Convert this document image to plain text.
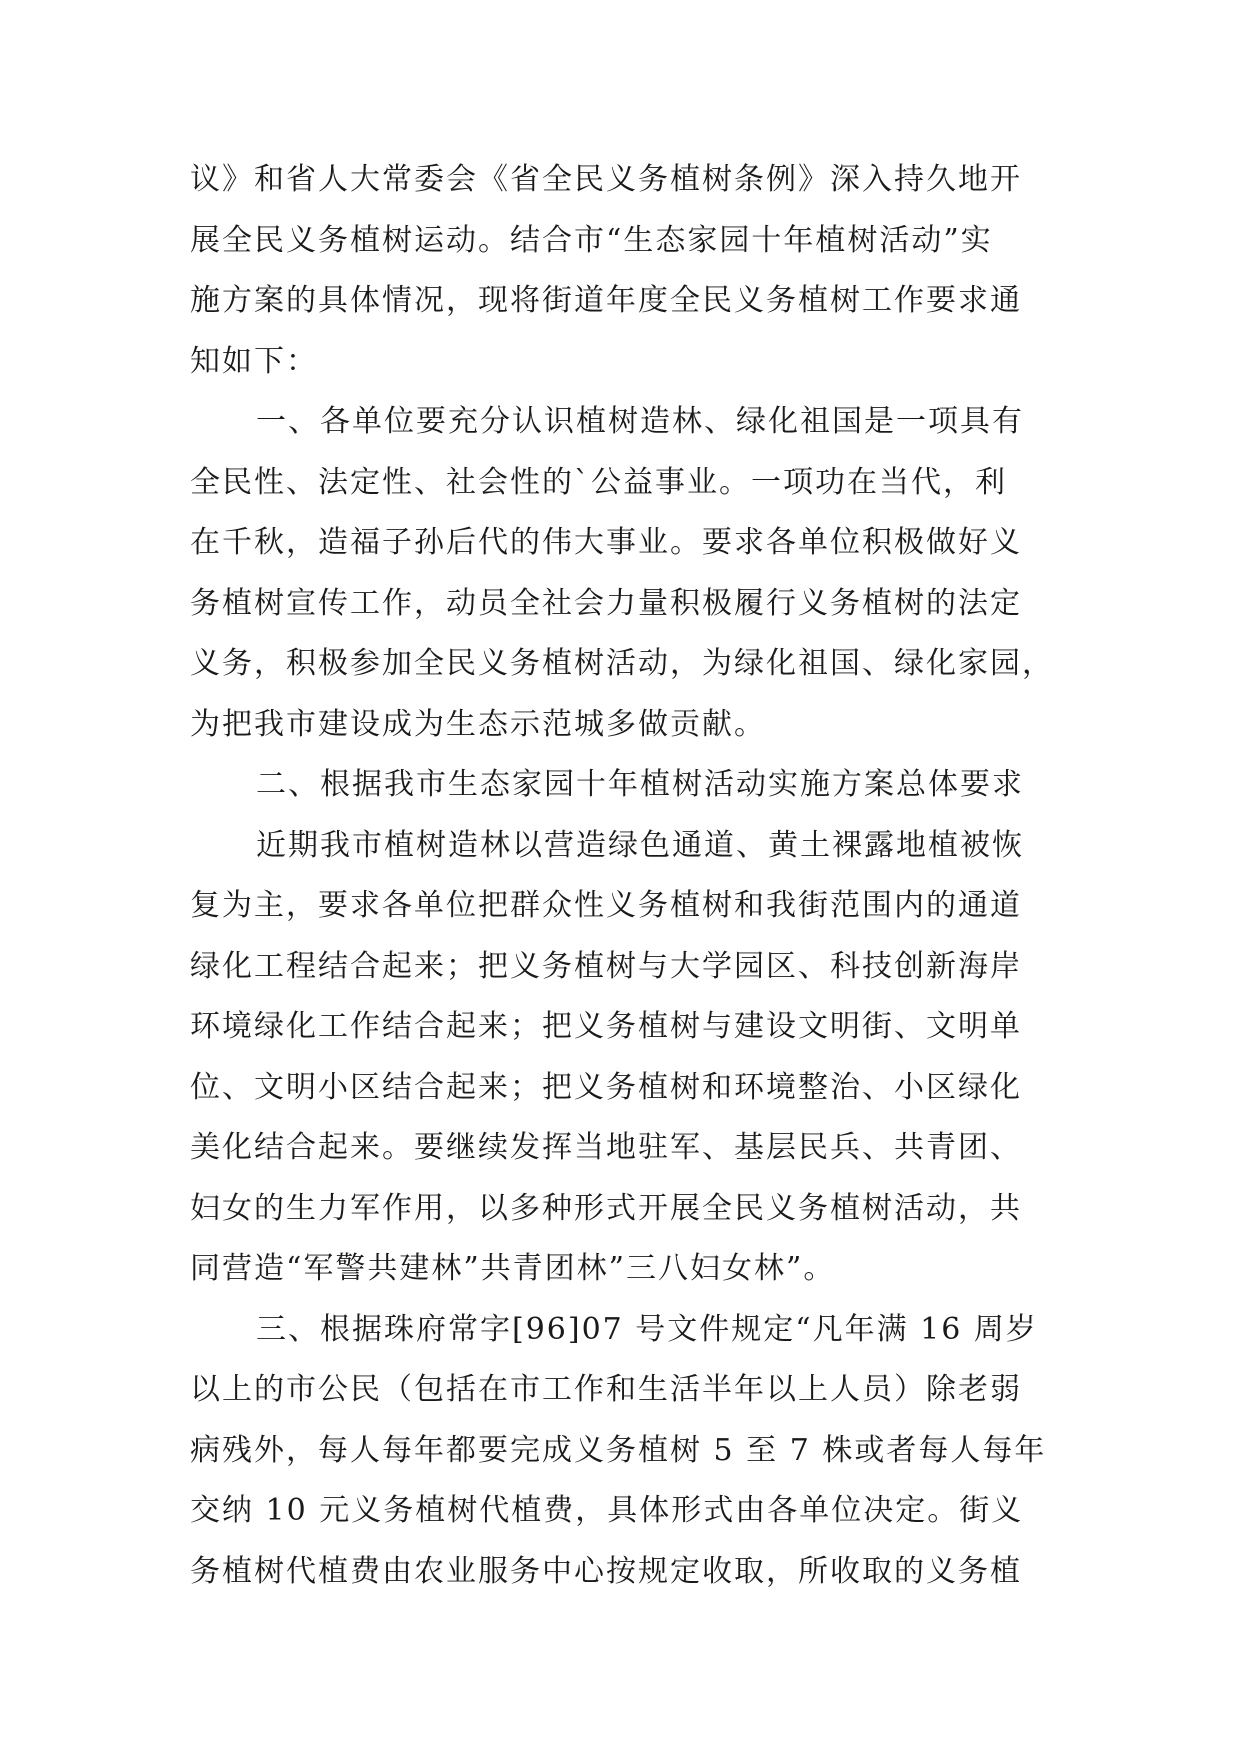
议》和省人大常委会《省全民义务植树条例》深入持久地开
展全民义务植树运动。结合市“生态家园十年植树活动”实
施方案的具体情况，现将街道年度全民义务植树工作要求通
知如下：
一、各单位要充分认识植树造林、绿化祖国是一项具有
全民性、法定性、社会性的`公益事业。一项功在当代，利
在千秋，造福子孙后代的伟大事业。要求各单位积极做好义
务植树宣传工作，动员全社会力量积极履行义务植树的法定
义务，积极参加全民义务植树活动，为绿化祖国、绿化家园，
为把我市建设成为生态示范城多做贡献。
二、根据我市生态家园十年植树活动实施方案总体要求
近期我市植树造林以营造绿色通道、黄土裸露地植被恢
复为主，要求各单位把群众性义务植树和我街范围内的通道
绿化工程结合起来；把义务植树与大学园区、科技创新海岸
环境绿化工作结合起来；把义务植树与建设文明街、文明单
位、文明小区结合起来；把义务植树和环境整治、小区绿化
美化结合起来。要继续发挥当地驻军、基层民兵、共青团、
妇女的生力军作用，以多种形式开展全民义务植树活动，共
同营造“军警共建林”共青团林”三八妇女林”。
三、根据珠府常字[96]07 号文件规定“凡年满 16 周岁
以上的市公民（包括在市工作和生活半年以上人员）除老弱
病残外，每人每年都要完成义务植树 5 至 7 株或者每人每年
交纳 10 元义务植树代植费，具体形式由各单位决定。街义
务植树代植费由农业服务中心按规定收取，所收取的义务植
